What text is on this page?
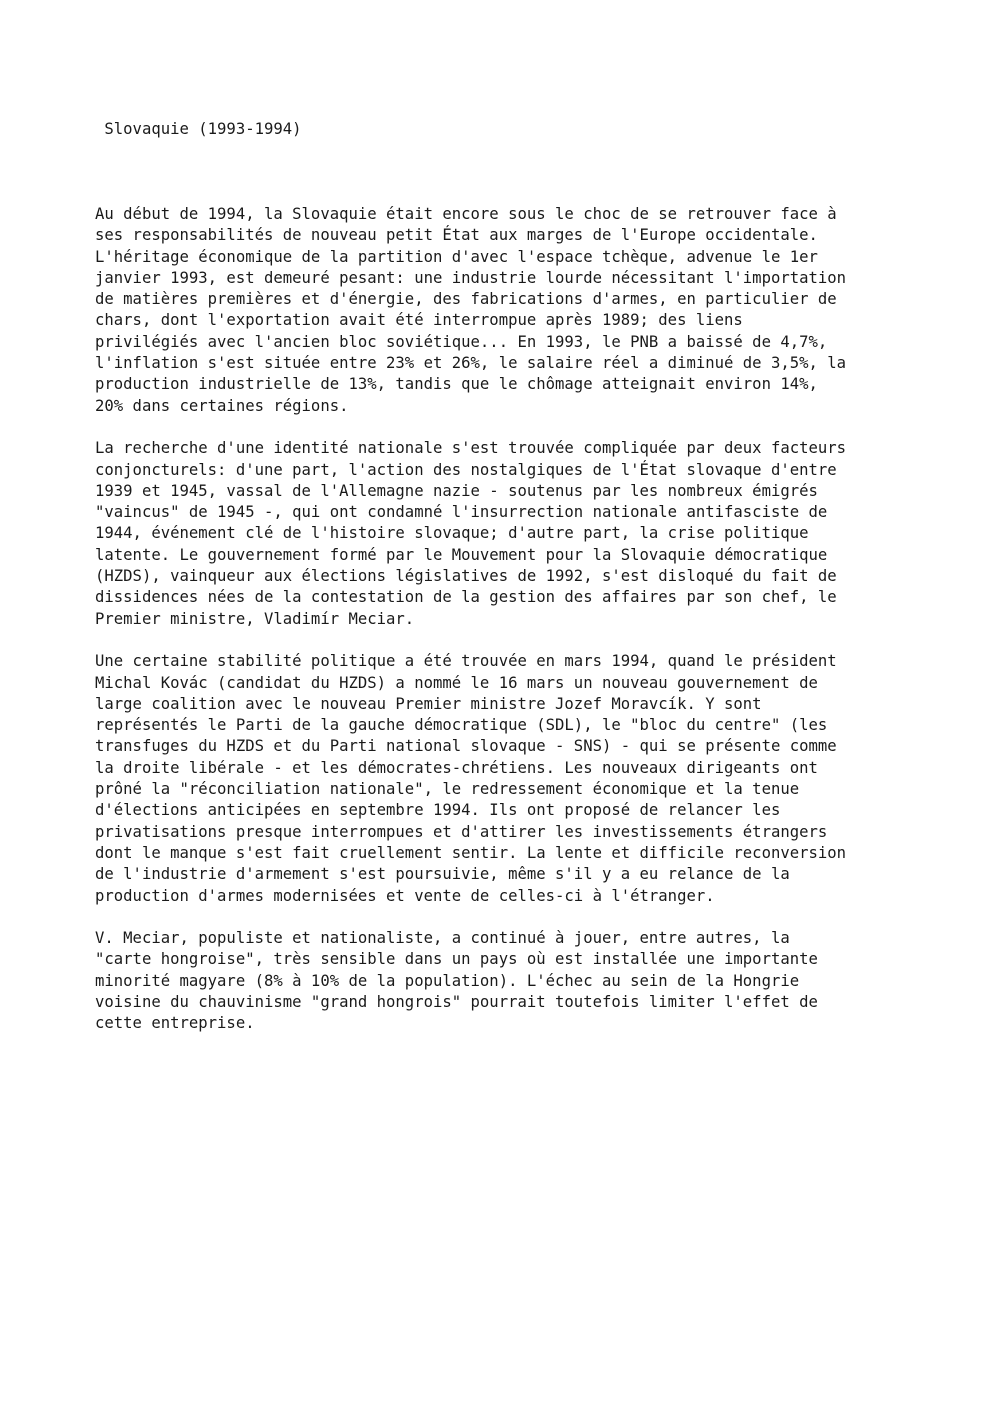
Slovaquie (1993-1994)

Au début de 1994, la Slovaquie était encore sous le choc de se retrouver face à
ses responsabilités de nouveau petit État aux marges de l'Europe occidentale.
L'héritage économique de la partition d'avec l'espace tchèque, advenue le 1er
janvier 1993, est demeuré pesant: une industrie lourde nécessitant l'importation
de matières premières et d'énergie, des fabrications d'armes, en particulier de
chars, dont l'exportation avait été interrompue après 1989; des liens
privilégiés avec l'ancien bloc soviétique... En 1993, le PNB a baissé de 4,7%,
l'inflation s'est située entre 23% et 26%, le salaire réel a diminué de 3,5%, la
production industrielle de 13%, tandis que le chômage atteignait environ 14%,
20% dans certaines régions.

La recherche d'une identité nationale s'est trouvée compliquée par deux facteurs
conjoncturels: d'une part, l'action des nostalgiques de l'État slovaque d'entre
1939 et 1945, vassal de l'Allemagne nazie - soutenus par les nombreux émigrés
"vaincus" de 1945 -, qui ont condamné l'insurrection nationale antifasciste de
1944, événement clé de l'histoire slovaque; d'autre part, la crise politique
latente. Le gouvernement formé par le Mouvement pour la Slovaquie démocratique
(HZDS), vainqueur aux élections législatives de 1992, s'est disloqué du fait de
dissidences nées de la contestation de la gestion des affaires par son chef, le
Premier ministre, Vladimír Meciar.

Une certaine stabilité politique a été trouvée en mars 1994, quand le président
Michal Kovác (candidat du HZDS) a nommé le 16 mars un nouveau gouvernement de
large coalition avec le nouveau Premier ministre Jozef Moravcík. Y sont
représentés le Parti de la gauche démocratique (SDL), le "bloc du centre" (les
transfuges du HZDS et du Parti national slovaque - SNS) - qui se présente comme
la droite libérale - et les démocrates-chrétiens. Les nouveaux dirigeants ont
prôné la "réconciliation nationale", le redressement économique et la tenue
d'élections anticipées en septembre 1994. Ils ont proposé de relancer les
privatisations presque interrompues et d'attirer les investissements étrangers
dont le manque s'est fait cruellement sentir. La lente et difficile reconversion
de l'industrie d'armement s'est poursuivie, même s'il y a eu relance de la
production d'armes modernisées et vente de celles-ci à l'étranger.

V. Meciar, populiste et nationaliste, a continué à jouer, entre autres, la
"carte hongroise", très sensible dans un pays où est installée une importante
minorité magyare (8% à 10% de la population). L'échec au sein de la Hongrie
voisine du chauvinisme "grand hongrois" pourrait toutefois limiter l'effet de
cette entreprise.
